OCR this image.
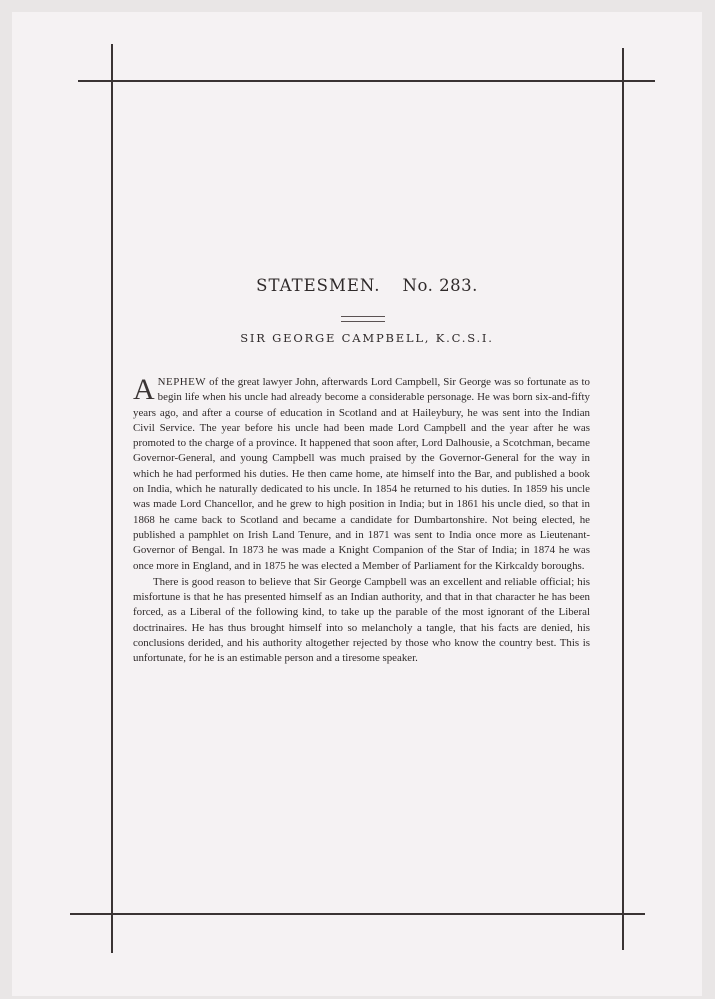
STATESMEN. No. 283.
SIR GEORGE CAMPBELL, K.C.S.I.

ANEPHEW of the great lawyer John, afterwards Lord Campbell, Sir George was so fortunate as to begin life when his uncle had already become a considerable personage. He was born six-and-fifty years ago, and after a course of education in Scotland and at Haileybury, he was sent into the Indian Civil Service. The year before his uncle had been made Lord Campbell and the year after he was promoted to the charge of a province. It happened that soon after, Lord Dalhousie, a Scotchman, became Governor-General, and young Campbell was much praised by the Governor-General for the way in which he had performed his duties. He then came home, ate himself into the Bar, and published a book on India, which he naturally dedicated to his uncle. In 1854 he returned to his duties. In 1859 his uncle was made Lord Chancellor, and he grew to high position in India; but in 1861 his uncle died, so that in 1868 he came back to Scotland and became a candidate for Dumbartonshire. Not being elected, he published a pamphlet on Irish Land Tenure, and in 1871 was sent to India once more as Lieutenant-Governor of Bengal. In 1873 he was made a Knight Companion of the Star of India; in 1874 he was once more in England, and in 1875 he was elected a Member of Parliament for the Kirkcaldy boroughs.

There is good reason to believe that Sir George Campbell was an excellent and reliable official; his misfortune is that he has presented himself as an Indian authority, and that in that character he has been forced, as a Liberal of the following kind, to take up the parable of the most ignorant of the Liberal doctrinaires. He has thus brought himself into so melancholy a tangle, that his facts are denied, his conclusions derided, and his authority altogether rejected by those who know the country best. This is unfortunate, for he is an estimable person and a tiresome speaker.
